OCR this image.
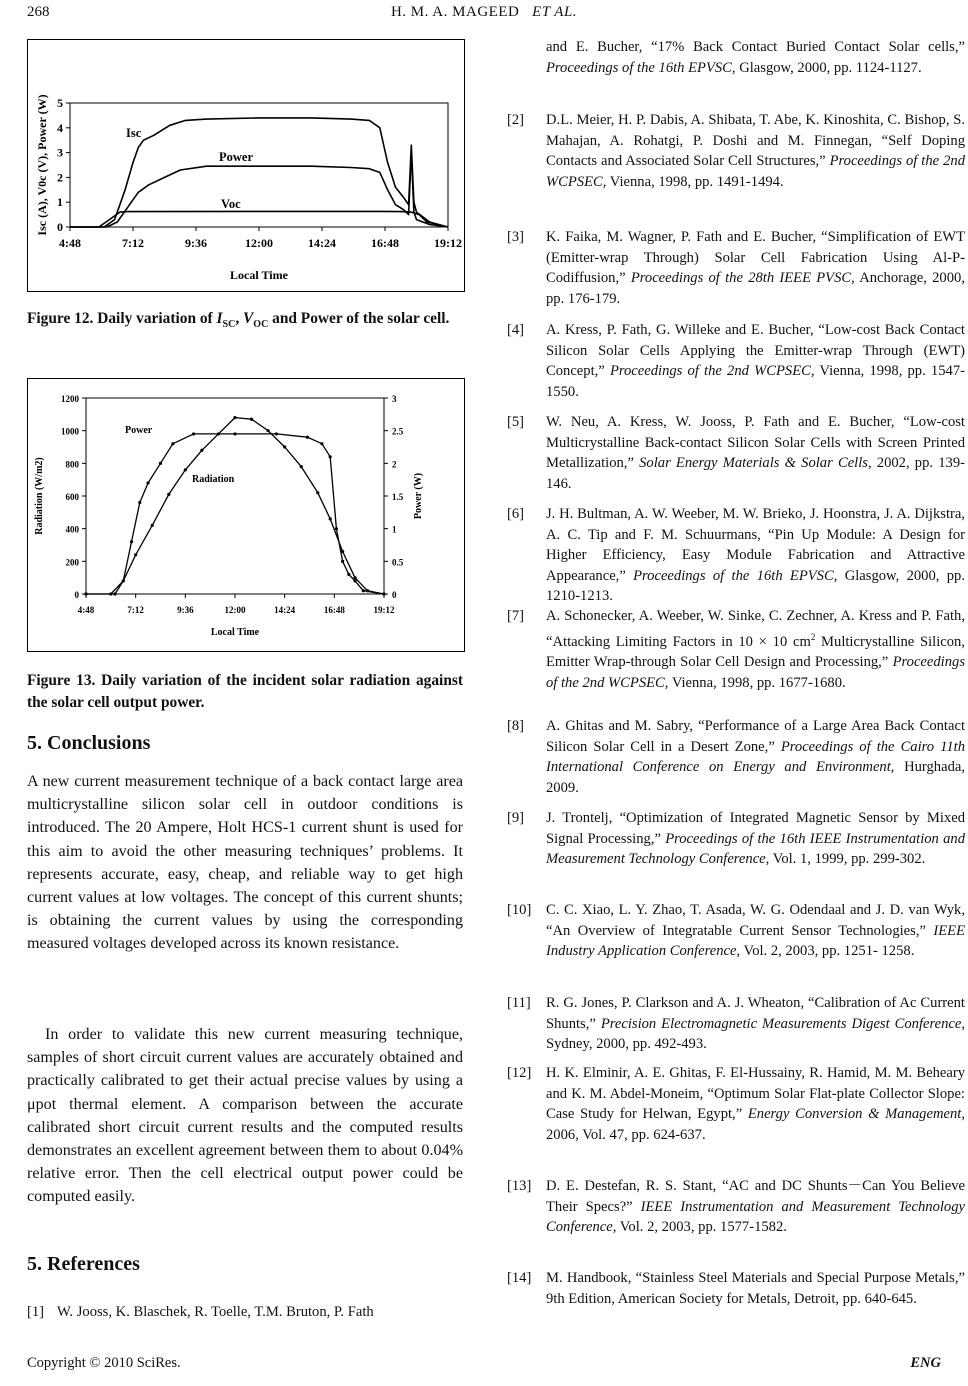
268	H. M. A. MAGEED ET AL.
4:48	7:12	9:36	12:00	14:24	16:48	19:12
0
1
2
3
4
5
Local Time
Isc (A), V0c (V), Power (W)	Isc
Power
Voc
Figure 12. Daily variation of $I_{SC}$, $V_{OC}$ and Power of the solar cell.
4:48	7:12	9:36	12:00	14:24	16:48	19:12
0
200
400
600
800
1000
1200
0
0.5
1
1.5
2
2.5
3
Local Time
Radiation (W/m2)	Power (W)
Power
Radiation
Figure 13. Daily variation of the incident solar radiation against the solar cell output power.
5. Conclusions
A new current measurement technique of a back contact large area multicrystalline silicon solar cell in outdoor conditions is introduced. The 20 Ampere, Holt HCS-1 current shunt is used for this aim to avoid the other measuring techniques’ problems. It represents accurate, easy, cheap, and reliable way to get high current values at low voltages. The concept of this current shunts; is obtaining the current values by using the corresponding measured voltages developed across its known resistance.
In order to validate this new current measuring technique, samples of short circuit current values are accurately obtained and practically calibrated to get their actual precise values by using a μpot thermal element. A comparison between the accurate calibrated short circuit current results and the computed results demonstrates an excellent agreement between them to about 0.04% relative error. Then the cell electrical output power could be computed easily.
5. References
[1] W. Jooss, K. Blaschek, R. Toelle, T.M. Bruton, P. Fath
and E. Bucher, “17% Back Contact Buried Contact Solar cells,” Proceedings of the 16th EPVSC, Glasgow, 2000, pp. 1124-1127.
[2] D.L. Meier, H. P. Dabis, A. Shibata, T. Abe, K. Kinoshita, C. Bishop, S. Mahajan, A. Rohatgi, P. Doshi and M. Finnegan, “Self Doping Contacts and Associated Solar Cell Structures,” Proceedings of the 2nd WCPSEC, Vienna, 1998, pp. 1491-1494.
[3] K. Faika, M. Wagner, P. Fath and E. Bucher, “Simplification of EWT (Emitter-wrap Through) Solar Cell Fabrication Using Al-P-Codiffusion,” Proceedings of the 28th IEEE PVSC, Anchorage, 2000, pp. 176-179.
[4] A. Kress, P. Fath, G. Willeke and E. Bucher, “Low-cost Back Contact Silicon Solar Cells Applying the Emitter-wrap Through (EWT) Concept,” Proceedings of the 2nd WCPSEC, Vienna, 1998, pp. 1547-1550.
[5] W. Neu, A. Kress, W. Jooss, P. Fath and E. Bucher, “Low-cost Multicrystalline Back-contact Silicon Solar Cells with Screen Printed Metallization,” Solar Energy Materials & Solar Cells, 2002, pp. 139-146.
[6] J. H. Bultman, A. W. Weeber, M. W. Brieko, J. Hoonstra, J. A. Dijkstra, A. C. Tip and F. M. Schuurmans, “Pin Up Module: A Design for Higher Efficiency, Easy Module Fabrication and Attractive Appearance,” Proceedings of the 16th EPVSC, Glasgow, 2000, pp. 1210-1213.
[7] A. Schonecker, A. Weeber, W. Sinke, C. Zechner, A. Kress and P. Fath, “Attacking Limiting Factors in 10 × 10 $cm^2$ Multicrystalline Silicon, Emitter Wrap-through Solar Cell Design and Processing,” Proceedings of the 2nd WCPSEC, Vienna, 1998, pp. 1677-1680.
[8] A. Ghitas and M. Sabry, “Performance of a Large Area Back Contact Silicon Solar Cell in a Desert Zone,” Proceedings of the Cairo 11th International Conference on Energy and Environment, Hurghada, 2009.
[9] J. Trontelj, “Optimization of Integrated Magnetic Sensor by Mixed Signal Processing,” Proceedings of the 16th IEEE Instrumentation and Measurement Technology Conference, Vol. 1, 1999, pp. 299-302.
[10] C. C. Xiao, L. Y. Zhao, T. Asada, W. G. Odendaal and J. D. van Wyk, “An Overview of Integratable Current Sensor Technologies,” IEEE Industry Application Conference, Vol. 2, 2003, pp. 1251- 1258.
[11] R. G. Jones, P. Clarkson and A. J. Wheaton, “Calibration of Ac Current Shunts,” Precision Electromagnetic Measurements Digest Conference, Sydney, 2000, pp. 492-493.
[12] H. K. Elminir, A. E. Ghitas, F. El-Hussainy, R. Hamid, M. M. Beheary and K. M. Abdel-Moneim, “Optimum Solar Flat-plate Collector Slope: Case Study for Helwan, Egypt,” Energy Conversion & Management, 2006, Vol. 47, pp. 624-637.
[13] D. E. Destefan, R. S. Stant, “AC and DC Shunts－Can You Believe Their Specs?” IEEE Instrumentation and Measurement Technology Conference, Vol. 2, 2003, pp. 1577-1582.
[14] M. Handbook, “Stainless Steel Materials and Special Purpose Metals,” 9th Edition, American Society for Metals, Detroit, pp. 640-645.
Copyright © 2010 SciRes.	ENG
